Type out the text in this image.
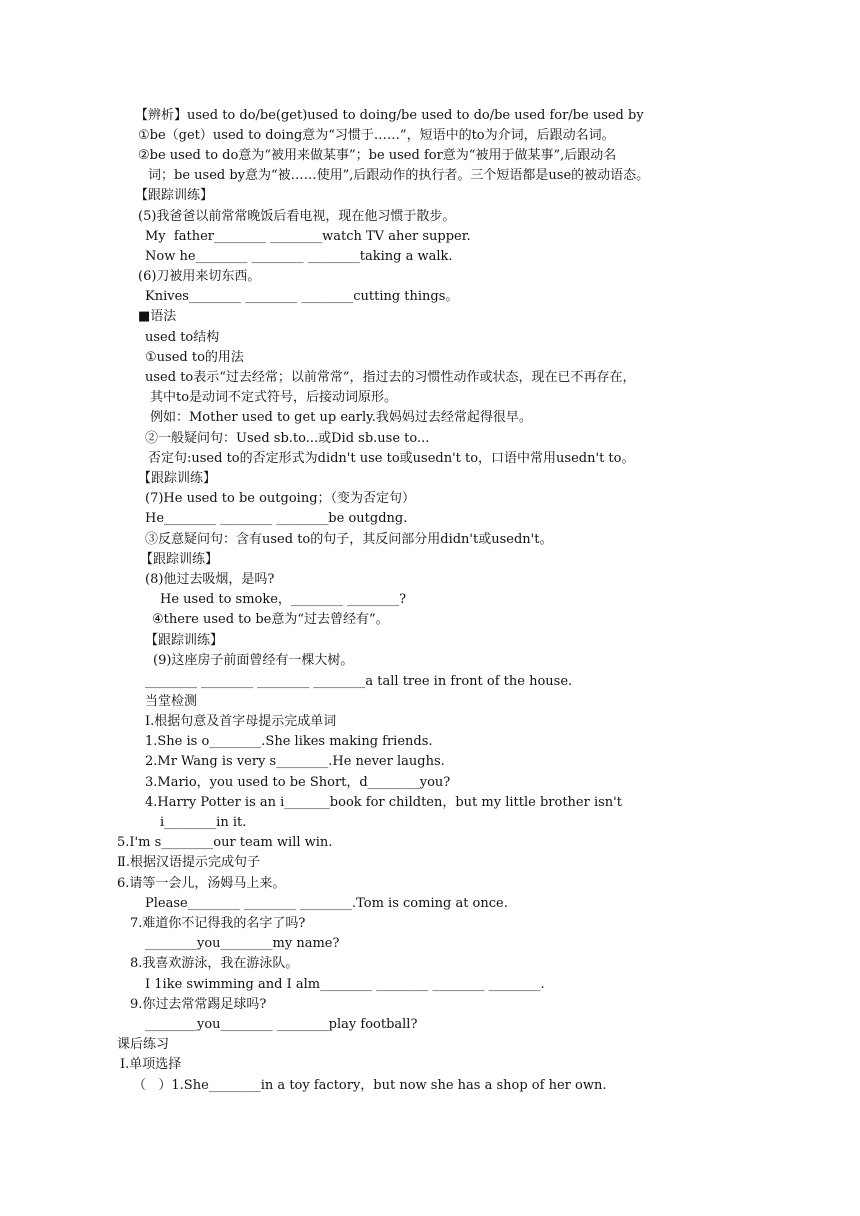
【辨析】used to do/be(get)used to doing/be used to do/be used for/be used by
①be（get）used to doing意为“习惯于……”，短语中的to为介词，后跟动名词。
②be used to do意为“被用来做某事”；be used for意为“被用于做某事”,后跟动名
词；be used by意为“被……使用”,后跟动作的执行者。三个短语都是use的被动语态。
【跟踪训练】
(5)我爸爸以前常常晚饭后看电视，现在他习惯于散步。
My  father________ ________watch TV aher supper.
Now he________ ________ ________taking a walk.
(6)刀被用来切东西。
Knives________ ________ ________cutting things。
■语法
used to结构
①used to的用法
used to表示“过去经常；以前常常”，指过去的习惯性动作或状态，现在已不再存在，
其中to是动词不定式符号，后接动词原形。
例如：Mother used to get up early.我妈妈过去经常起得很早。
②一般疑问句：Used sb.to...或Did sb.use to...
否定句:used to的否定形式为didn't use to或usedn't to，口语中常用usedn't to。
【跟踪训练】
(7)He used to be outgoing；（变为否定句）
He________ ________ ________be outgdng.
③反意疑问句：含有used to的句子，其反问部分用didn't或usedn't。
【跟踪训练】
(8)他过去吸烟，是吗?
He used to smoke，________ ________?
④there used to be意为“过去曾经有”。
【跟踪训练】
(9)这座房子前面曾经有一棵大树。
________ ________ ________ ________a tall tree in front of the house.
当堂检测
I.根据句意及首字母提示完成单词
1.She is o________.She likes making friends.
2.Mr Wang is very s________.He never laughs.
3.Mario，you used to be Short，d________you?
4.Harry Potter is an i_______book for childten，but my little brother isn't
i________in it.
5.I'm s________our team will win.
Ⅱ.根据汉语提示完成句子
6.请等一会儿，汤姆马上来。
Please________ ________ ________.Tom is coming at once.
7.难道你不记得我的名字了吗?
________you________my name?
8.我喜欢游泳，我在游泳队。
I 1ike swimming and I alm________ ________ ________ ________.
9.你过去常常踢足球吗?
________you________ ________play football?
课后练习
Ⅰ.单项选择
（   ）1.She________in a toy factory，but now she has a shop of her own.
